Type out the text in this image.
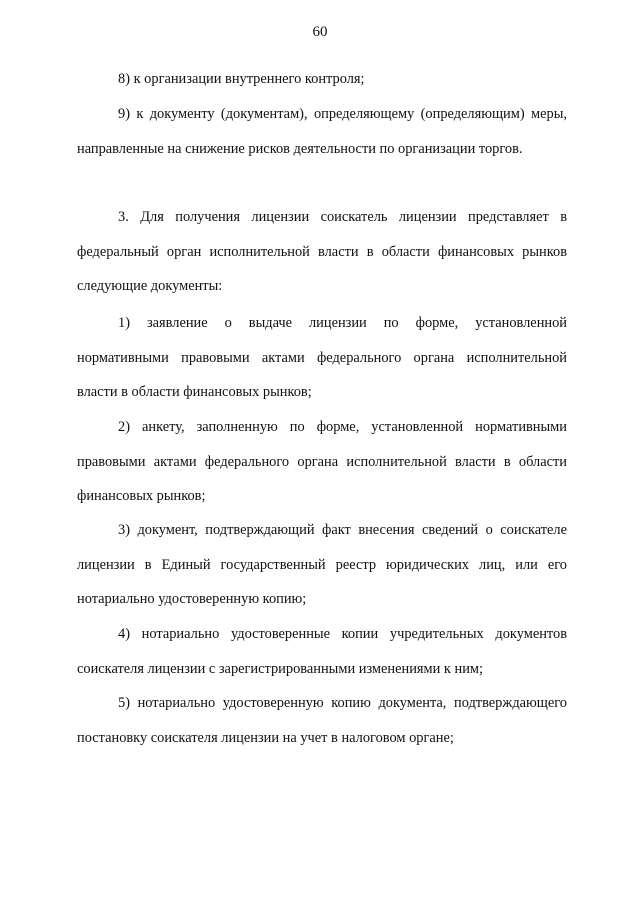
60

8) к организации внутреннего контроля;

9) к документу (документам), определяющему (определяющим) меры, направленные на снижение рисков деятельности по организации торгов.

3. Для получения лицензии соискатель лицензии представляет в федеральный орган исполнительной власти в области финансовых рынков следующие документы:

1) заявление о выдаче лицензии по форме, установленной нормативными правовыми актами федерального органа исполнительной власти в области финансовых рынков;

2) анкету, заполненную по форме, установленной нормативными правовыми актами федерального органа исполнительной власти в области финансовых рынков;

3) документ, подтверждающий факт внесения сведений о соискателе лицензии в Единый государственный реестр юридических лиц, или его нотариально удостоверенную копию;

4) нотариально удостоверенные копии учредительных документов соискателя лицензии с зарегистрированными изменениями к ним;

5) нотариально удостоверенную копию документа, подтверждающего постановку соискателя лицензии на учет в налоговом органе;
